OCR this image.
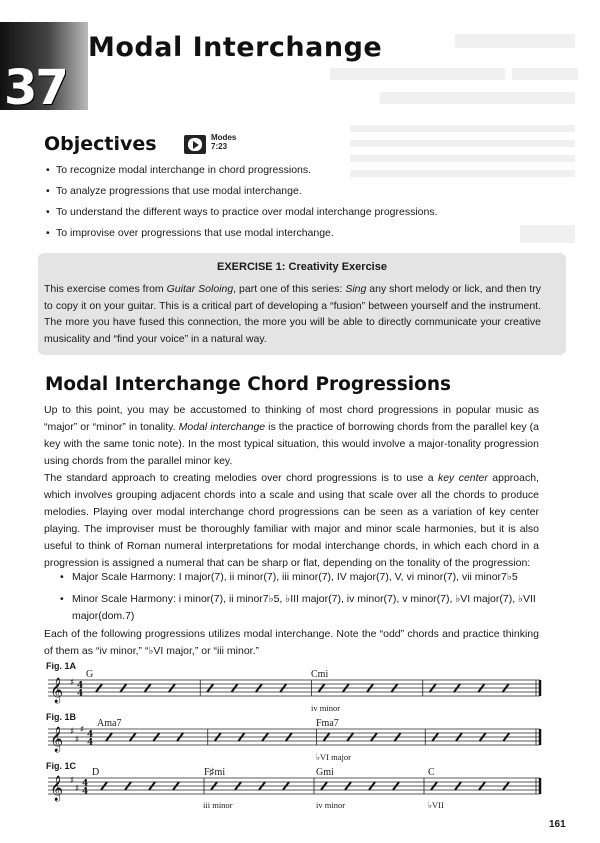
37
Modal Interchange
Objectives	Modes
7:23
• To recognize modal interchange in chord progressions.
• To analyze progressions that use modal interchange.
• To understand the different ways to practice over modal interchange progressions.
• To improvise over progressions that use modal interchange.
EXERCISE 1: Creativity Exercise
This exercise comes from Guitar Soloing, part one of this series: Sing any short melody or lick, and then try to copy it on your guitar. This is a critical part of developing a “fusion” between yourself and the instrument. The more you have fused this connection, the more you will be able to directly communicate your creative musicality and “find your voice” in a natural way.
Modal Interchange Chord Progressions

Up to this point, you may be accustomed to thinking of most chord progressions in popular music as “major” or “minor” in tonality. Modal interchange is the practice of borrowing chords from the parallel key (a key with the same tonic note). In the most typical situation, this would involve a major-tonality progression using chords from the parallel minor key.

The standard approach to creating melodies over chord progressions is to use a key center approach, which involves grouping adjacent chords into a scale and using that scale over all the chords to produce melodies. Playing over modal interchange chord progressions can be seen as a variation of key center playing. The improviser must be thoroughly familiar with major and minor scale harmonies, but it is also useful to think of Roman numeral interpretations for modal interchange chords, in which each chord in a progression is assigned a numeral that can be sharp or flat, depending on the tonality of the progression:

• Major Scale Harmony: I major(7), ii minor(7), iii minor(7), IV major(7), V, vi minor(7), vii minor7♭5

• Minor Scale Harmony: i minor(7), ii minor7♭5, ♭III major(7), iv minor(7), v minor(7), ♭VI major(7), ♭VII major(dom.7)

Each of the following progressions utilizes modal interchange. Note the “odd” chords and practice thinking of them as “iv minor,” “♭VI major,” or “iii minor.”

Fig. 1A
G	Cmi
𝄞 ♯ 4
4
iv minor
Fig. 1B
Ama7	Fma7
𝄞 ♯
♯
♯ 4
4
♭VI major
Fig. 1C
D	F♯mi	Gmi	C
𝄞 ♯
♯ 4
4
iii minor	iv minor	♭VII
161
